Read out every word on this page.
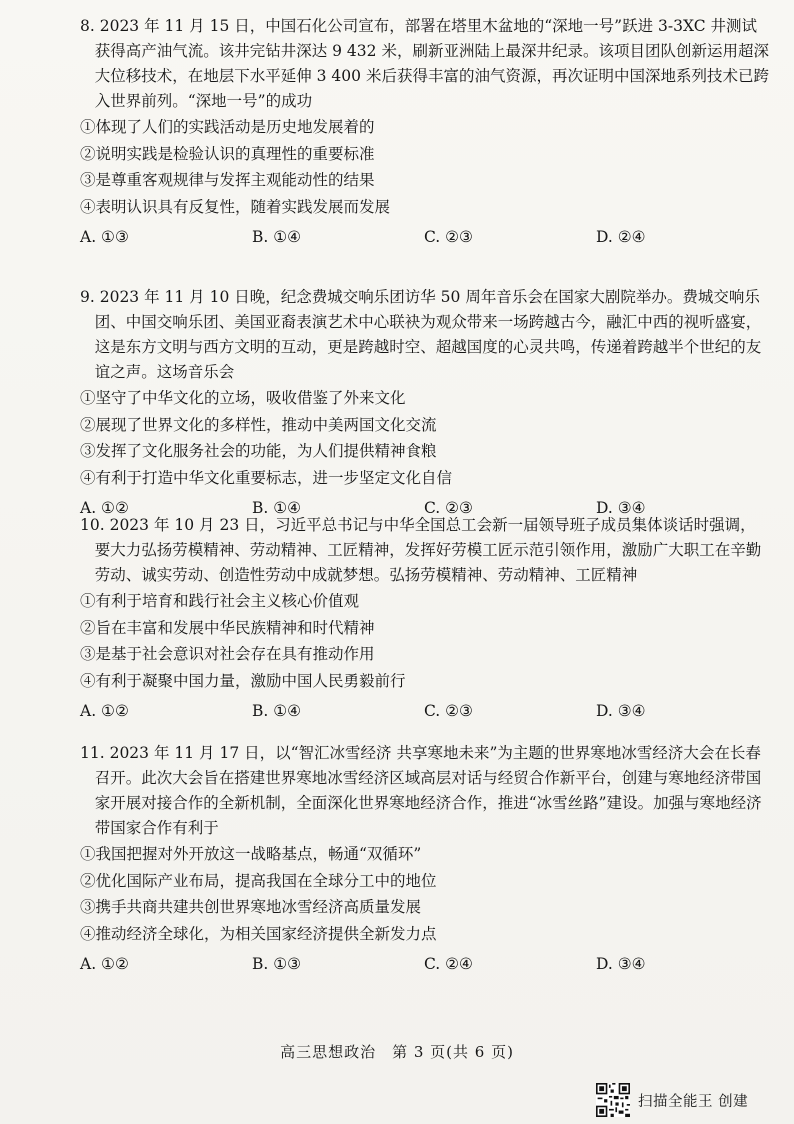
8. 2023 年 11 月 15 日，中国石化公司宣布，部署在塔里木盆地的“深地一号”跃进 3-3XC 井测试获得高产油气流。该井完钻井深达 9 432 米，刷新亚洲陆上最深井纪录。该项目团队创新运用超深大位移技术，在地层下水平延伸 3 400 米后获得丰富的油气资源，再次证明中国深地系列技术已跨入世界前列。“深地一号”的成功

①体现了人们的实践活动是历史地发展着的

②说明实践是检验认识的真理性的重要标准

③是尊重客观规律与发挥主观能动性的结果

④表明认识具有反复性，随着实践发展而发展

A. ①③	B. ①④	C. ②③	D. ②④

9. 2023 年 11 月 10 日晚，纪念费城交响乐团访华 50 周年音乐会在国家大剧院举办。费城交响乐团、中国交响乐团、美国亚裔表演艺术中心联袂为观众带来一场跨越古今，融汇中西的视听盛宴，这是东方文明与西方文明的互动，更是跨越时空、超越国度的心灵共鸣，传递着跨越半个世纪的友谊之声。这场音乐会

①坚守了中华文化的立场，吸收借鉴了外来文化

②展现了世界文化的多样性，推动中美两国文化交流

③发挥了文化服务社会的功能，为人们提供精神食粮

④有利于打造中华文化重要标志，进一步坚定文化自信

A. ①②	B. ①④	C. ②③	D. ③④

10. 2023 年 10 月 23 日，习近平总书记与中华全国总工会新一届领导班子成员集体谈话时强调，要大力弘扬劳模精神、劳动精神、工匠精神，发挥好劳模工匠示范引领作用，激励广大职工在辛勤劳动、诚实劳动、创造性劳动中成就梦想。弘扬劳模精神、劳动精神、工匠精神

①有利于培育和践行社会主义核心价值观

②旨在丰富和发展中华民族精神和时代精神

③是基于社会意识对社会存在具有推动作用

④有利于凝聚中国力量，激励中国人民勇毅前行

A. ①②	B. ①④	C. ②③	D. ③④

11. 2023 年 11 月 17 日，以“智汇冰雪经济 共享寒地未来”为主题的世界寒地冰雪经济大会在长春召开。此次大会旨在搭建世界寒地冰雪经济区域高层对话与经贸合作新平台，创建与寒地经济带国家开展对接合作的全新机制，全面深化世界寒地经济合作，推进“冰雪丝路”建设。加强与寒地经济带国家合作有利于

①我国把握对外开放这一战略基点，畅通“双循环”

②优化国际产业布局，提高我国在全球分工中的地位

③携手共商共建共创世界寒地冰雪经济高质量发展

④推动经济全球化，为相关国家经济提供全新发力点

A. ①②	B. ①③	C. ②④	D. ③④
高三思想政治　第 3 页(共 6 页)
扫描全能王 创建
